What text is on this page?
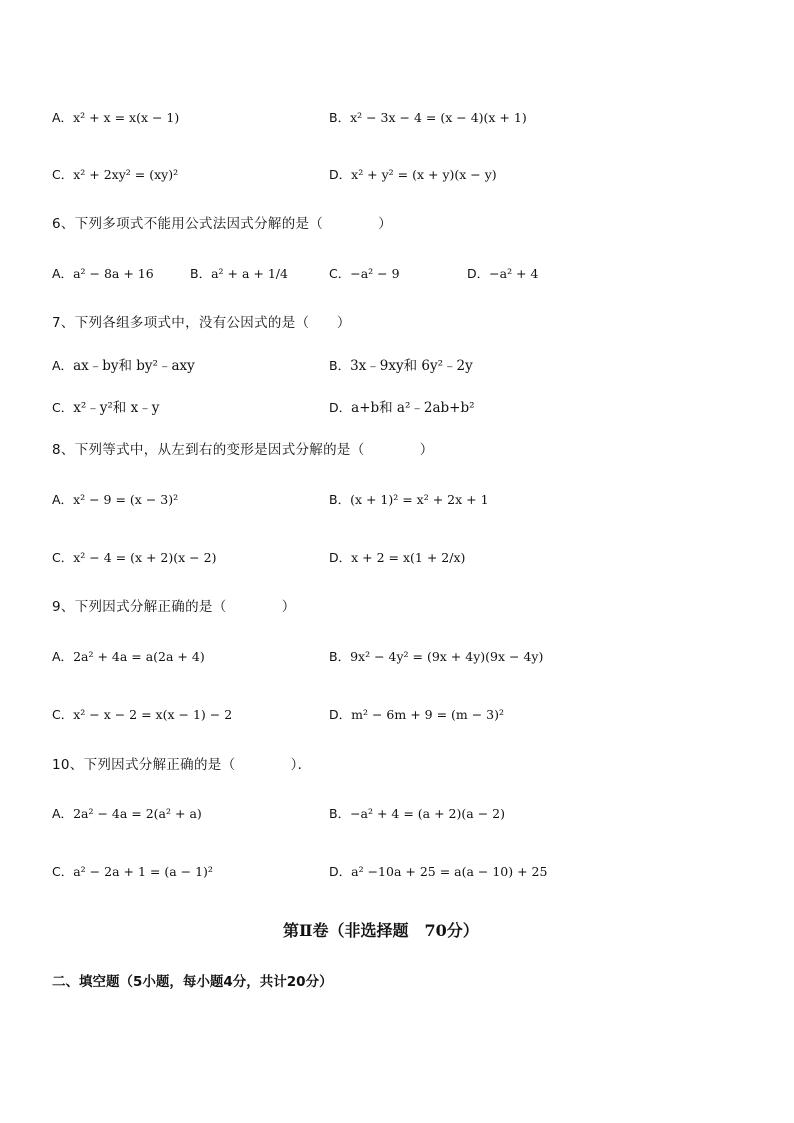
A．x² + x = x(x − 1)	B．x² − 3x − 4 = (x − 4)(x + 1)
C．x² + 2xy² = (xy)²	D．x² + y² = (x + y)(x − y)
6、下列多项式不能用公式法因式分解的是（　　　　）
A．a² − 8a + 16	B．a² + a + 1/4	C．−a² − 9	D．−a² + 4
7、下列各组多项式中，没有公因式的是（　　）
A．ax﹣by和 by²﹣axy	B．3x﹣9xy和 6y²﹣2y
C．x²﹣y²和 x﹣y	D．a+b和 a²﹣2ab+b²
8、下列等式中，从左到右的变形是因式分解的是（　　　　）
A．x² − 9 = (x − 3)²	B．(x + 1)² = x² + 2x + 1
C．x² − 4 = (x + 2)(x − 2)	D．x + 2 = x(1 + 2/x)
9、下列因式分解正确的是（　　　　）
A．2a² + 4a = a(2a + 4)	B．9x² − 4y² = (9x + 4y)(9x − 4y)
C．x² − x − 2 = x(x − 1) − 2	D．m² − 6m + 9 = (m − 3)²
10、下列因式分解正确的是（　　　　）．
A．2a² − 4a = 2(a² + a)	B．−a² + 4 = (a + 2)(a − 2)
C．a² − 2a + 1 = (a − 1)²	D．a² −10a + 25 = a(a − 10) + 25
第Ⅱ卷（非选择题　70分）
二、填空题（5小题，每小题4分，共计20分）
